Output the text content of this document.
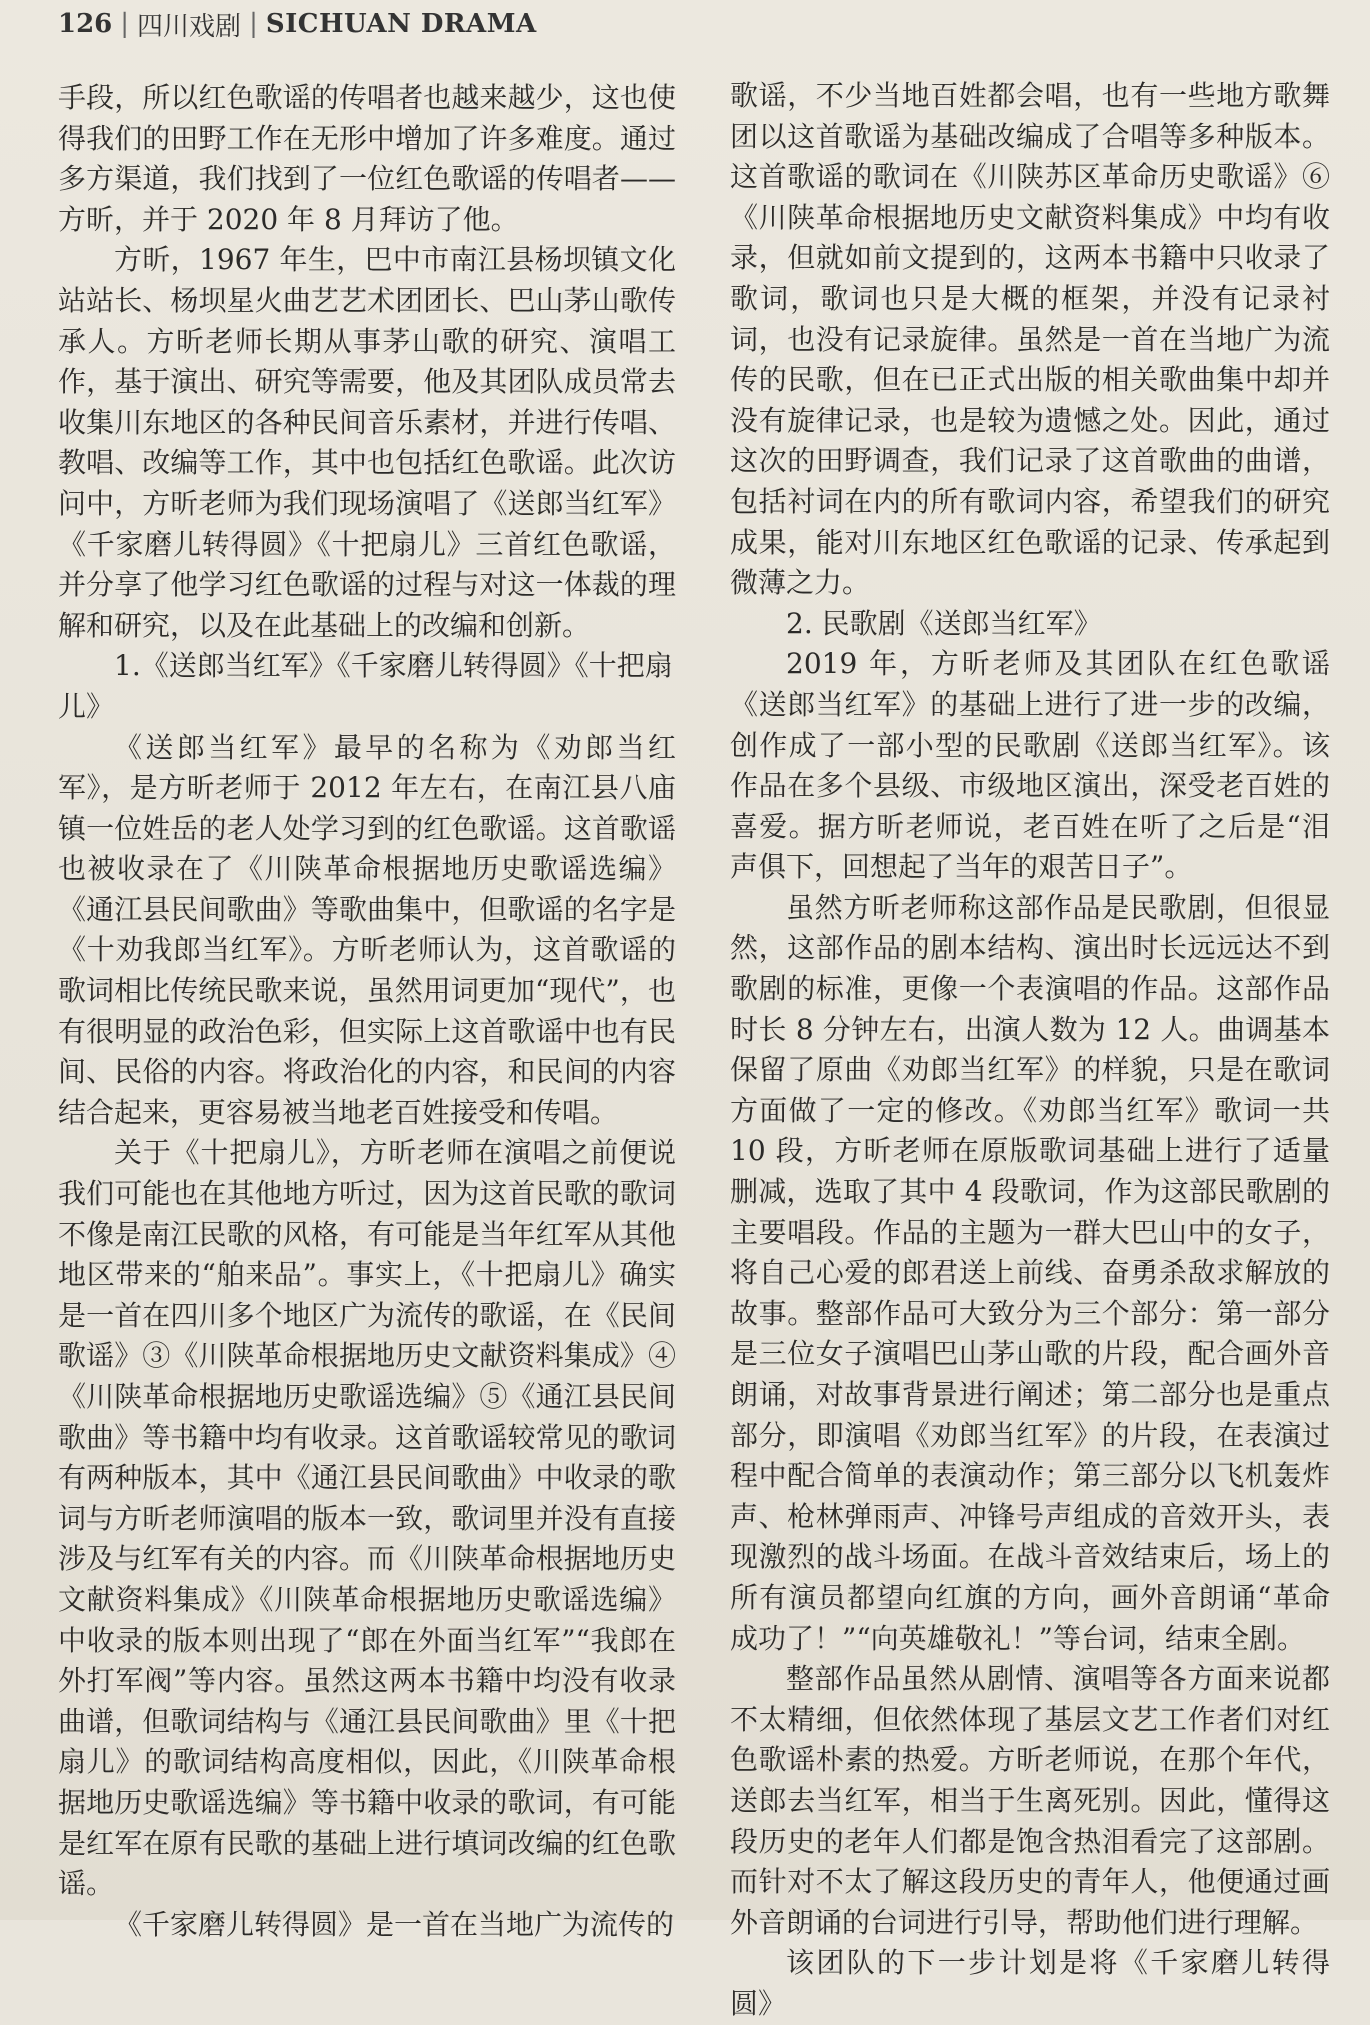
126 | 四川戏剧 | SICHUAN DRAMA

手段，所以红色歌谣的传唱者也越来越少，这也使得我们的田野工作在无形中增加了许多难度。通过多方渠道，我们找到了一位红色歌谣的传唱者——方昕，并于 2020 年 8 月拜访了他。

方昕，1967 年生，巴中市南江县杨坝镇文化站站长、杨坝星火曲艺艺术团团长、巴山茅山歌传承人。方昕老师长期从事茅山歌的研究、演唱工作，基于演出、研究等需要，他及其团队成员常去收集川东地区的各种民间音乐素材，并进行传唱、教唱、改编等工作，其中也包括红色歌谣。此次访问中，方昕老师为我们现场演唱了《送郎当红军》《千家磨儿转得圆》《十把扇儿》三首红色歌谣，并分享了他学习红色歌谣的过程与对这一体裁的理解和研究，以及在此基础上的改编和创新。

1.《送郎当红军》《千家磨儿转得圆》《十把扇儿》

《送郎当红军》最早的名称为《劝郎当红军》，是方昕老师于 2012 年左右，在南江县八庙镇一位姓岳的老人处学习到的红色歌谣。这首歌谣也被收录在了《川陕革命根据地历史歌谣选编》《通江县民间歌曲》等歌曲集中，但歌谣的名字是《十劝我郎当红军》。方昕老师认为，这首歌谣的歌词相比传统民歌来说，虽然用词更加“现代”，也有很明显的政治色彩，但实际上这首歌谣中也有民间、民俗的内容。将政治化的内容，和民间的内容结合起来，更容易被当地老百姓接受和传唱。

关于《十把扇儿》，方昕老师在演唱之前便说我们可能也在其他地方听过，因为这首民歌的歌词不像是南江民歌的风格，有可能是当年红军从其他地区带来的“舶来品”。事实上，《十把扇儿》确实是一首在四川多个地区广为流传的歌谣，在《民间歌谣》③《川陕革命根据地历史文献资料集成》④《川陕革命根据地历史歌谣选编》⑤《通江县民间歌曲》等书籍中均有收录。这首歌谣较常见的歌词有两种版本，其中《通江县民间歌曲》中收录的歌词与方昕老师演唱的版本一致，歌词里并没有直接涉及与红军有关的内容。而《川陕革命根据地历史文献资料集成》《川陕革命根据地历史歌谣选编》中收录的版本则出现了“郎在外面当红军”“我郎在外打军阀”等内容。虽然这两本书籍中均没有收录曲谱，但歌词结构与《通江县民间歌曲》里《十把扇儿》的歌词结构高度相似，因此，《川陕革命根据地历史歌谣选编》等书籍中收录的歌词，有可能是红军在原有民歌的基础上进行填词改编的红色歌谣。

《千家磨儿转得圆》是一首在当地广为流传的

歌谣，不少当地百姓都会唱，也有一些地方歌舞团以这首歌谣为基础改编成了合唱等多种版本。这首歌谣的歌词在《川陕苏区革命历史歌谣》⑥《川陕革命根据地历史文献资料集成》中均有收录，但就如前文提到的，这两本书籍中只收录了歌词，歌词也只是大概的框架，并没有记录衬词，也没有记录旋律。虽然是一首在当地广为流传的民歌，但在已正式出版的相关歌曲集中却并没有旋律记录，也是较为遗憾之处。因此，通过这次的田野调查，我们记录了这首歌曲的曲谱，包括衬词在内的所有歌词内容，希望我们的研究成果，能对川东地区红色歌谣的记录、传承起到微薄之力。

2. 民歌剧《送郎当红军》

2019 年，方昕老师及其团队在红色歌谣《送郎当红军》的基础上进行了进一步的改编，创作成了一部小型的民歌剧《送郎当红军》。该作品在多个县级、市级地区演出，深受老百姓的喜爱。据方昕老师说，老百姓在听了之后是“泪声俱下，回想起了当年的艰苦日子”。

虽然方昕老师称这部作品是民歌剧，但很显然，这部作品的剧本结构、演出时长远远达不到歌剧的标准，更像一个表演唱的作品。这部作品时长 8 分钟左右，出演人数为 12 人。曲调基本保留了原曲《劝郎当红军》的样貌，只是在歌词方面做了一定的修改。《劝郎当红军》歌词一共 10 段，方昕老师在原版歌词基础上进行了适量删减，选取了其中 4 段歌词，作为这部民歌剧的主要唱段。作品的主题为一群大巴山中的女子，将自己心爱的郎君送上前线、奋勇杀敌求解放的故事。整部作品可大致分为三个部分：第一部分是三位女子演唱巴山茅山歌的片段，配合画外音朗诵，对故事背景进行阐述；第二部分也是重点部分，即演唱《劝郎当红军》的片段，在表演过程中配合简单的表演动作；第三部分以飞机轰炸声、枪林弹雨声、冲锋号声组成的音效开头，表现激烈的战斗场面。在战斗音效结束后，场上的所有演员都望向红旗的方向，画外音朗诵“革命成功了！”“向英雄敬礼！”等台词，结束全剧。

整部作品虽然从剧情、演唱等各方面来说都不太精细，但依然体现了基层文艺工作者们对红色歌谣朴素的热爱。方昕老师说，在那个年代，送郎去当红军，相当于生离死别。因此，懂得这段历史的老年人们都是饱含热泪看完了这部剧。而针对不太了解这段历史的青年人，他便通过画外音朗诵的台词进行引导，帮助他们进行理解。

该团队的下一步计划是将《千家磨儿转得圆》
